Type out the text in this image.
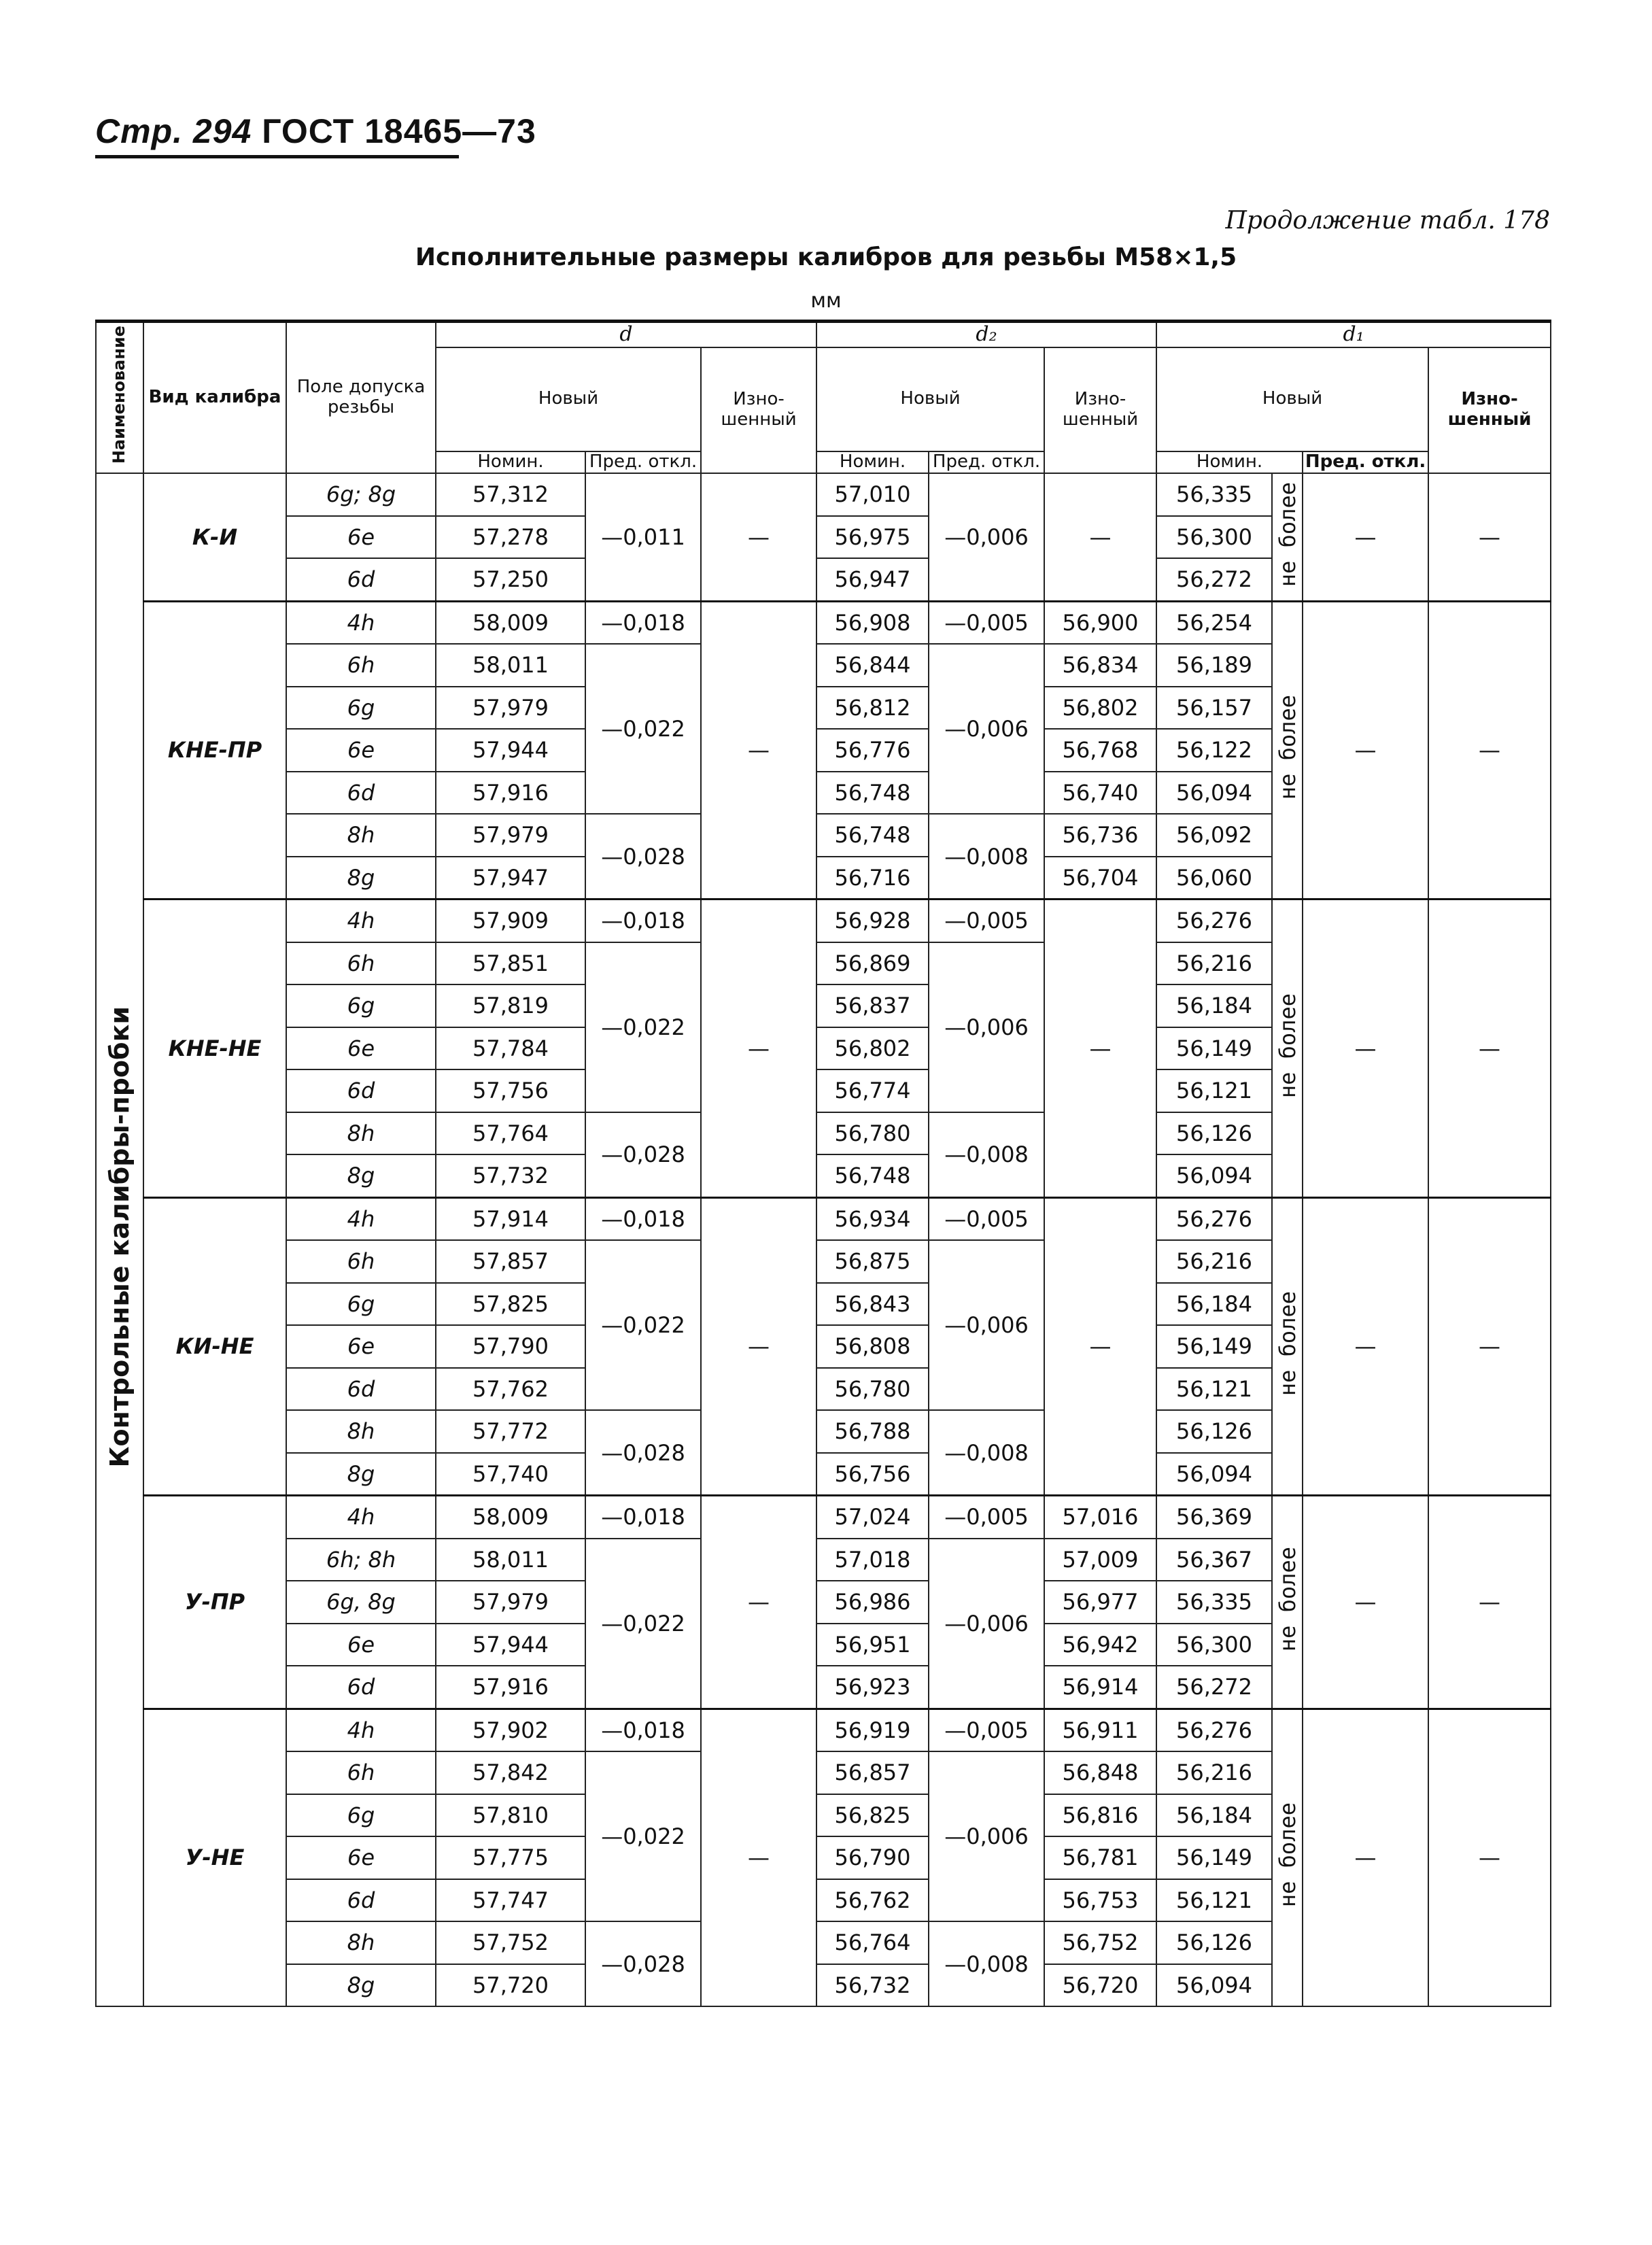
Стр. 294 ГОСТ 18465—73
Продолжение табл. 178
Исполнительные размеры калибров для резьбы M58×1,5
мм
Наименование	Вид калибра	Поле допуска резьбы	d			d₂			d₁			
			Новый		Изно-шенный	Новый		Изно-шенный	Новый			Изно-шенный
			Номин.	Пред. откл.		Номин.	Пред. откл.		Номин.		Пред. откл.	
Контрольные калибры-пробки	К-И	6g; 8g	57,312	—0,011	—	57,010	—0,006	—	56,335	не более	—	—
		6e	57,278			56,975			56,300			
		6d	57,250			56,947			56,272			
	КНЕ-ПР	4h	58,009	—0,018	—	56,908	—0,005	56,900	56,254	не более	—	—
		6h	58,011	—0,022		56,844	—0,006	56,834	56,189			
		6g	57,979			56,812		56,802	56,157			
		6e	57,944			56,776		56,768	56,122			
		6d	57,916			56,748		56,740	56,094			
		8h	57,979	—0,028		56,748	—0,008	56,736	56,092			
		8g	57,947			56,716		56,704	56,060			
	КНЕ-НЕ	4h	57,909	—0,018	—	56,928	—0,005	—	56,276	не более	—	—
		6h	57,851	—0,022		56,869	—0,006		56,216			
		6g	57,819			56,837			56,184			
		6e	57,784			56,802			56,149			
		6d	57,756			56,774			56,121			
		8h	57,764	—0,028		56,780	—0,008		56,126			
		8g	57,732			56,748			56,094			
	КИ-НЕ	4h	57,914	—0,018	—	56,934	—0,005	—	56,276	не более	—	—
		6h	57,857	—0,022		56,875	—0,006		56,216			
		6g	57,825			56,843			56,184			
		6e	57,790			56,808			56,149			
		6d	57,762			56,780			56,121			
		8h	57,772	—0,028		56,788	—0,008		56,126			
		8g	57,740			56,756			56,094			
	У-ПР	4h	58,009	—0,018	—	57,024	—0,005	57,016	56,369	не более	—	—
		6h; 8h	58,011	—0,022		57,018	—0,006	57,009	56,367			
		6g, 8g	57,979			56,986		56,977	56,335			
		6e	57,944			56,951		56,942	56,300			
		6d	57,916			56,923		56,914	56,272			
	У-НЕ	4h	57,902	—0,018	—	56,919	—0,005	56,911	56,276	не более	—	—
		6h	57,842	—0,022		56,857	—0,006	56,848	56,216			
		6g	57,810			56,825		56,816	56,184			
		6e	57,775			56,790		56,781	56,149			
		6d	57,747			56,762		56,753	56,121			
		8h	57,752	—0,028		56,764	—0,008	56,752	56,126			
		8g	57,720			56,732		56,720	56,094			
